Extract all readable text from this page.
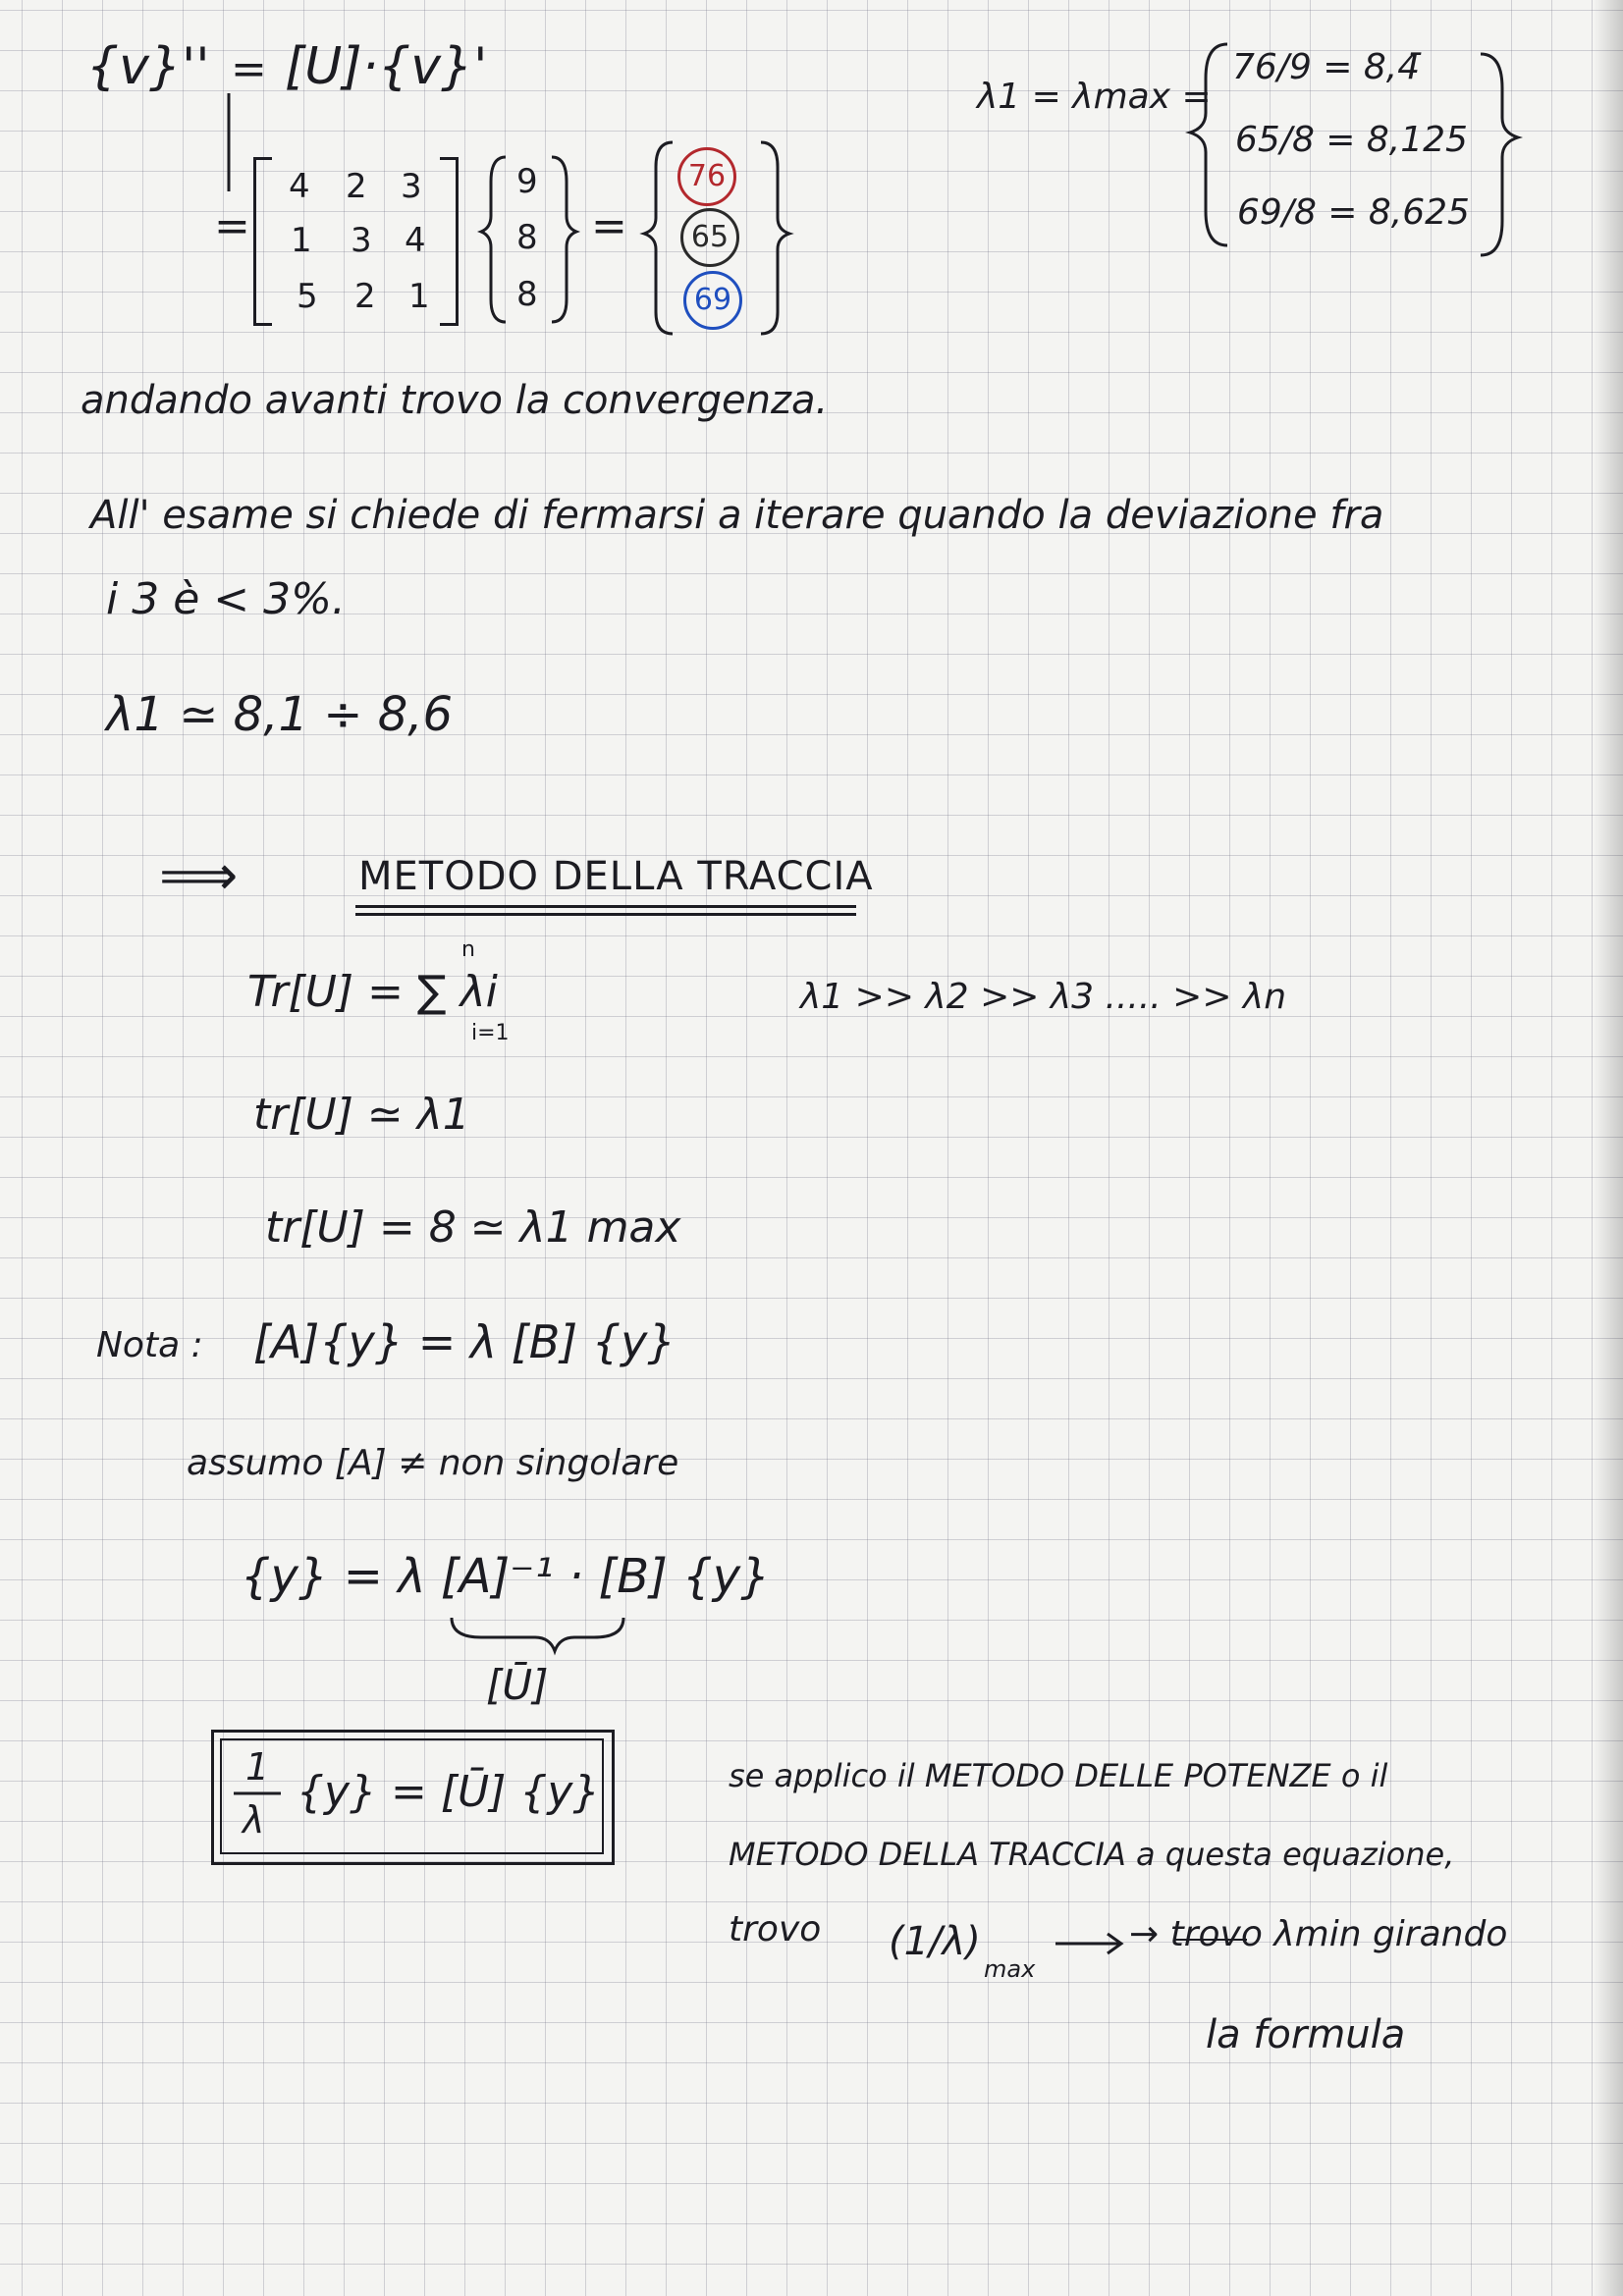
{v}'' = [U]·{v}'
=
4 2 3
1 3 4
5 2 1
9
8
8
=
76
65
69
λ1 = λmax =
76/9 = 8,4̄
65/8 = 8,125
69/8 = 8,625
andando avanti trovo la convergenza.
All' esame si chiede di fermarsi a iterare quando la deviazione fra
i 3 è < 3%.
λ1 ≃ 8,1 ÷ 8,6
⟹	METODO DELLA TRACCIA
Tr[U] = ∑ λi
n
i=1
λ1 >> λ2 >> λ3 ..... >> λn
tr[U] ≃ λ1
tr[U] = 8 ≃ λ1 max
Nota : [A]{y} = λ [B] {y}
assumo [A] ≠ non singolare
{y} = λ [A]⁻¹ · [B] {y}
[Ū]
1
λ
{y} = [Ū] {y}	se applico il METODO DELLE POTENZE o il
METODO DELLA TRACCIA a questa equazione,
trovo (1/λ)
max
→ trovo λmin girando
la formula
